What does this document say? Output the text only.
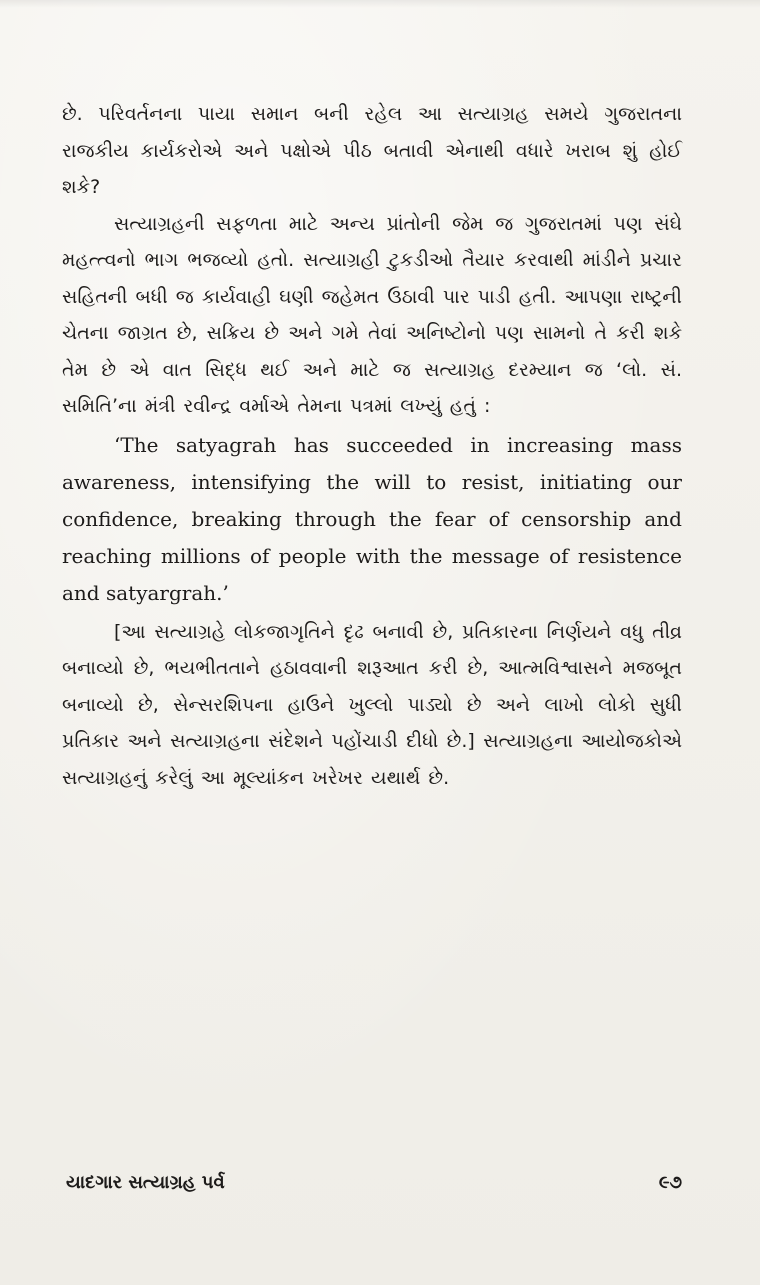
છે. પરિવર્તનના પાયા સમાન બની રહેલ આ સત્યાગ્રહ સમયે ગુજરાતના રાજકીય કાર્યકરોએ અને પક્ષોએ પીઠ બતાવી એનાથી વધારે ખરાબ શું હોઈ શકે?

સત્યાગ્રહની સફળતા માટે અન્ય પ્રાંતોની જેમ જ ગુજરાતમાં પણ સંઘે મહત્ત્વનો ભાગ ભજવ્યો હતો. સત્યાગ્રહી ટુકડીઓ તૈયાર કરવાથી માંડીને પ્રચાર સહિતની બધી જ કાર્યવાહી ઘણી જહેમત ઉઠાવી પાર પાડી હતી. આપણા રાષ્ટ્રની ચેતના જાગ્રત છે, સક્રિય છે અને ગમે તેવાં અનિષ્ટોનો પણ સામનો તે કરી શકે તેમ છે એ વાત સિદ્ધ થઈ અને માટે જ સત્યાગ્રહ દરમ્યાન જ ‘લો. સં. સમિતિ’ના મંત્રી રવીન્દ્ર વર્માએ તેમના પત્રમાં લખ્યું હતું :

‘The satyagrah has succeeded in increasing mass awareness, intensifying the will to resist, initiating our confidence, breaking through the fear of censorship and reaching millions of people with the message of resistence and satyargrah.’

[આ સત્યાગ્રહે લોકજાગૃતિને દૃઢ બનાવી છે, પ્રતિકારના નિર્ણયને વધુ તીવ્ર બનાવ્યો છે, ભયભીતતાને હઠાવવાની શરૂઆત કરી છે, આત્મવિશ્વાસને મજબૂત બનાવ્યો છે, સેન્સરશિપના હાઉને ખુલ્લો પાડ્યો છે અને લાખો લોકો સુધી પ્રતિકાર અને સત્યાગ્રહના સંદેશને પહોંચાડી દીધો છે.] સત્યાગ્રહના આયોજકોએ સત્યાગ્રહનું કરેલું આ મૂલ્યાંકન ખરેખર યથાર્થ છે.

યાદગાર સત્યાગ્રહ પર્વ	૯૭
